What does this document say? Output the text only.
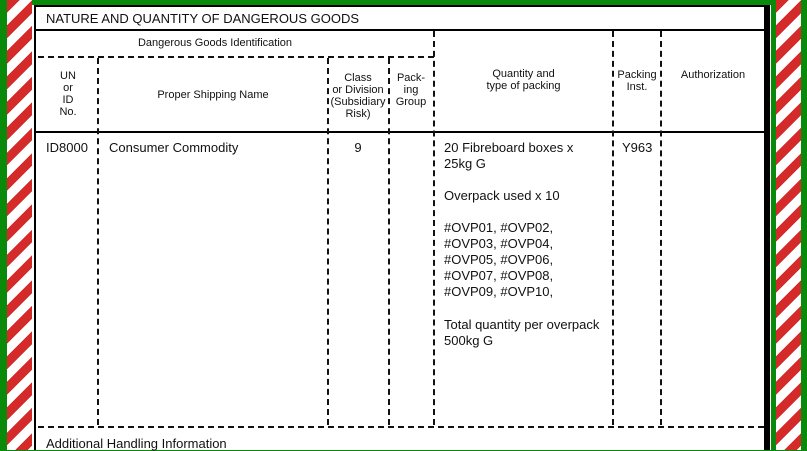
NATURE AND QUANTITY OF DANGEROUS GOODS
Dangerous Goods Identification
UN
or
ID
No.
Proper Shipping Name
Class
or Division
(Subsidiary
Risk)
Pack-
ing
Group
Quantity and
type of packing
Packing
Inst.
Authorization
ID8000 Consumer Commodity	9	20 Fibreboard boxes x
25kg G
Overpack used x 10
#OVP01, #OVP02,
#OVP03, #OVP04,
#OVP05, #OVP06,
#OVP07, #OVP08,
#OVP09, #OVP10,
Total quantity per overpack
500kg G
Y963
Additional Handling Information
